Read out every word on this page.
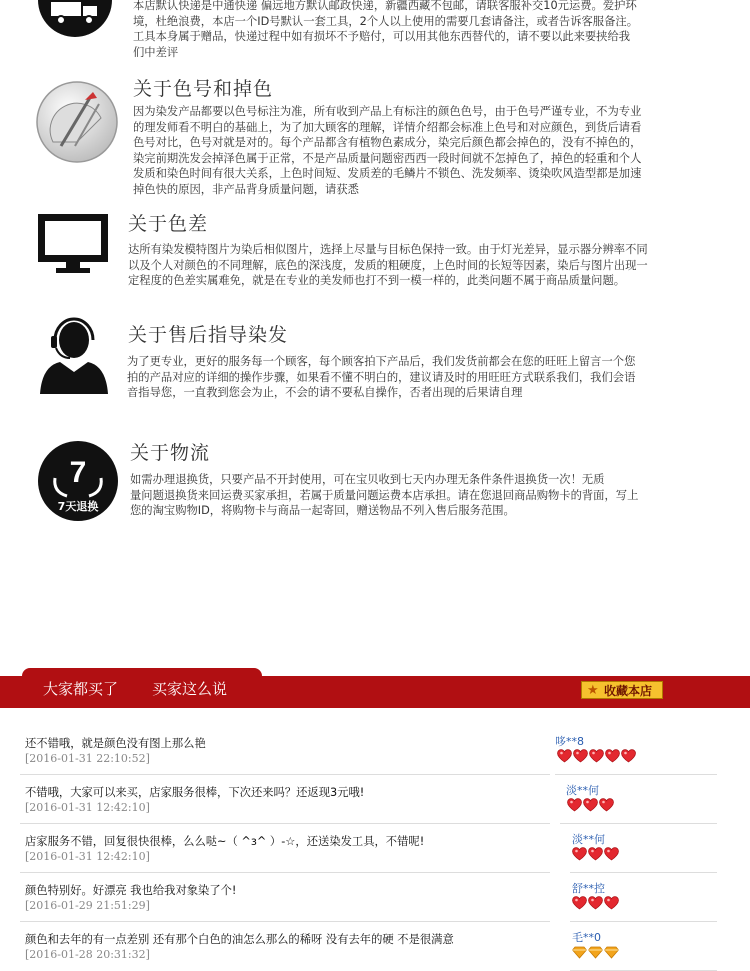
本店默认快递是中通快递 偏远地方默认邮政快递，新疆西藏不包邮，请联客服补交10元运费。爱护环

境，杜绝浪费，本店一个ID号默认一套工具，2个人以上使用的需要几套请备注，或者告诉客服备注。

工具本身属于赠品，快递过程中如有损坏不予赔付，可以用其他东西替代的，请不要以此来要挟给我

们中差评

关于色号和掉色

因为染发产品都要以色号标注为准，所有收到产品上有标注的颜色色号，由于色号严谨专业，不为专业

的理发师看不明白的基础上，为了加大顾客的理解，详情介绍都会标准上色号和对应颜色，到货后请看

色号对比，色号对就是对的。每个产品都含有植物色素成分，染完后颜色都会掉色的，没有不掉色的，

染完前期洗发会掉泽色属于正常，不是产品质量问题密西西一段时间就不怎掉色了，掉色的轻重和个人

发质和染色时间有很大关系，上色时间短、发质差的毛鳞片不锁色、洗发频率、烫染吹风造型都是加速

掉色快的原因，非产品背身质量问题，请获悉

关于色差

达所有染发模特图片为染后相似图片，选择上尽量与目标色保持一致。由于灯光差异，显示器分辨率不同

以及个人对颜色的不同理解，底色的深浅度，发质的粗硬度，上色时间的长短等因素，染后与图片出现一

定程度的色差实属难免，就是在专业的美发师也打不到一模一样的，此类问题不属于商品质量问题。

关于售后指导染发

为了更专业，更好的服务每一个顾客，每个顾客拍下产品后，我们发货前都会在您的旺旺上留言一个您

拍的产品对应的详细的操作步骤，如果看不懂不明白的，建议请及时的用旺旺方式联系我们，我们会语

音指导您，一直教到您会为止，不会的请不要私自操作，否者出现的后果请自理

7
7天退换
关于物流

如需办理退换货，只要产品不开封使用，可在宝贝收到七天内办理无条件条件退换货一次！无质

量问题退换货来回运费买家承担，若属于质量问题运费本店承担。请在您退回商品购物卡的背面，写上

您的淘宝购物ID，将购物卡与商品一起寄回，赠送物品不列入售后服务范围。

大家都买了 买家这么说	★ 收藏本店
还不错哦，就是颜色没有图上那么艳
[2016-01-31 22:10:52]
哆**8
不错哦，大家可以来买，店家服务很棒，下次还来吗？还返现3元哦!
[2016-01-31 12:42:10]
淡**何
店家服务不错，回复很快很棒，么么哒~（ ^з^ ）-☆，还送染发工具，不错呢!
[2016-01-31 12:42:10]
淡**何
颜色特别好。好漂亮 我也给我对象染了个!
[2016-01-29 21:51:29]
舒**控
颜色和去年的有一点差别 还有那个白色的油怎么那么的稀呀 没有去年的硬 不是很满意
[2016-01-28 20:31:32]
毛**0
